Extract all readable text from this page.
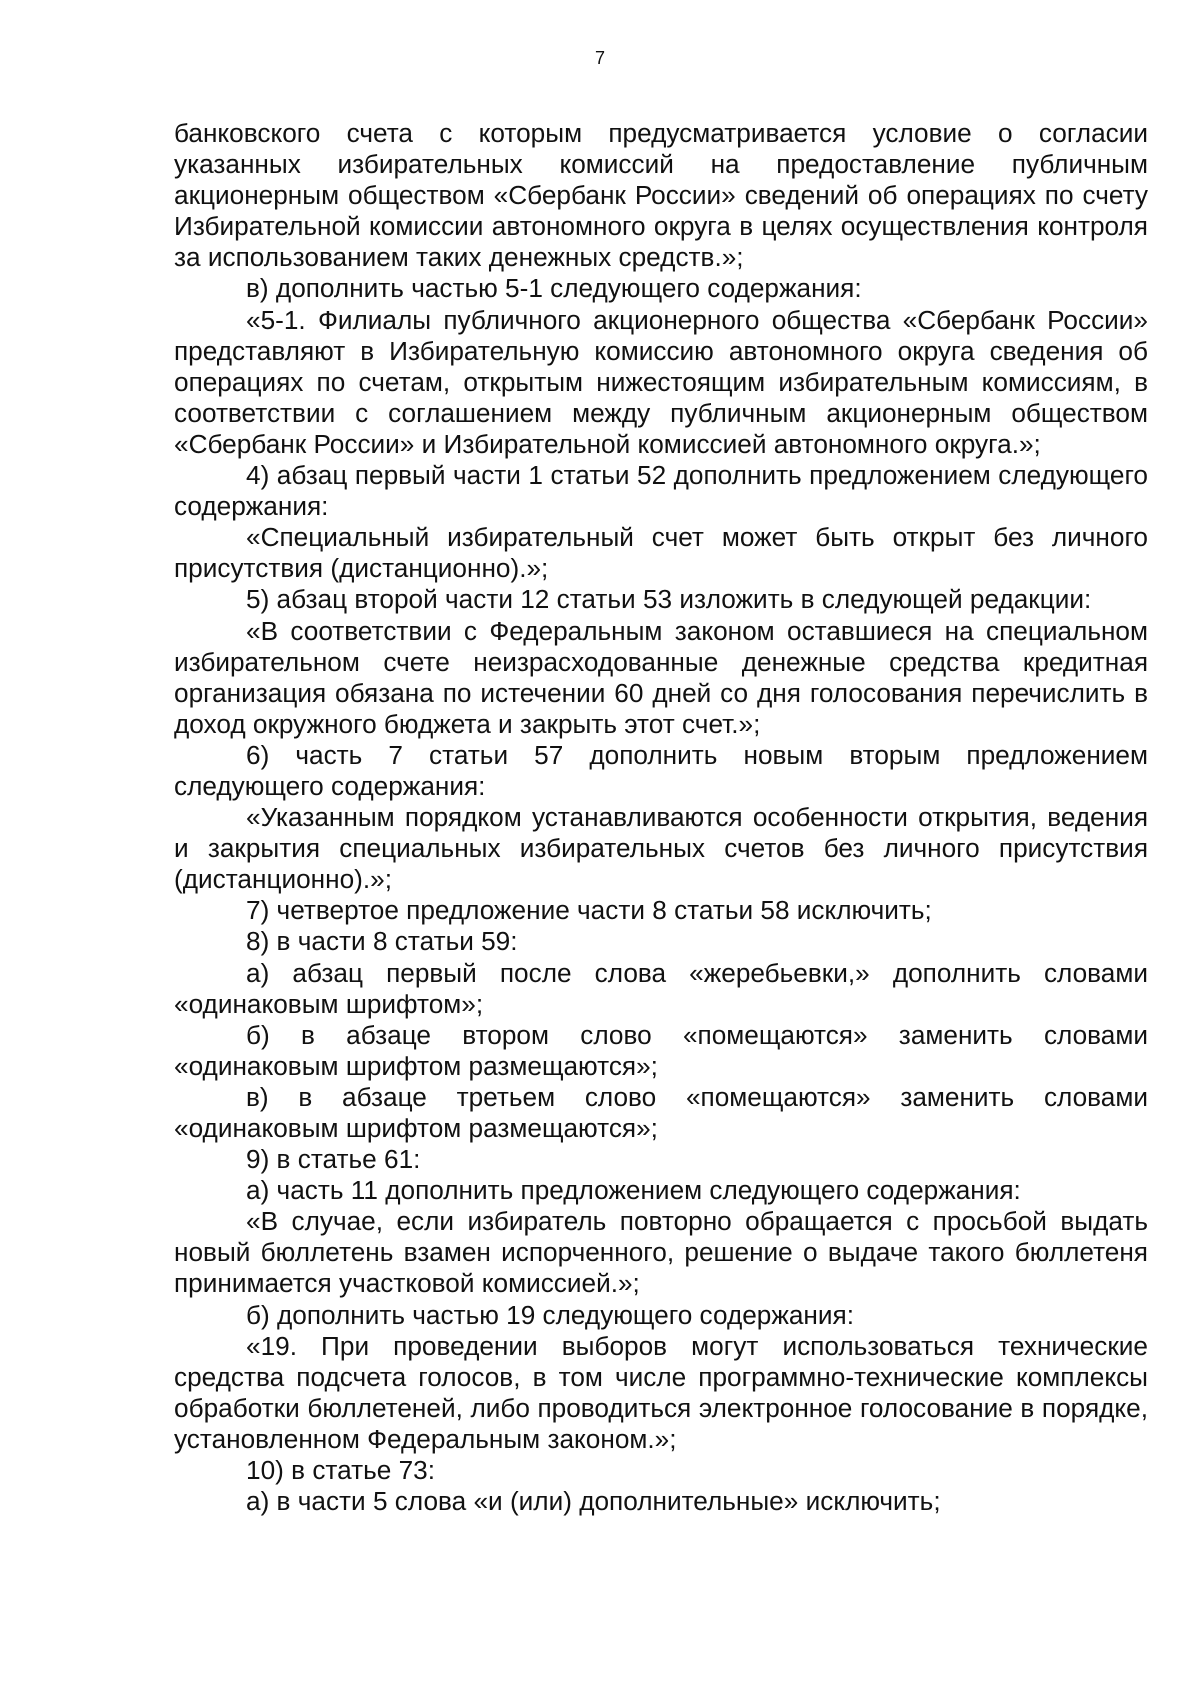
7

банковского счета с которым предусматривается условие о согласии указанных избирательных комиссий на предоставление публичным акционерным обществом «Сбербанк России» сведений об операциях по счету Избирательной комиссии автономного округа в целях осуществления контроля за использованием таких денежных средств.»;

в) дополнить частью 5-1 следующего содержания:

«5-1. Филиалы публичного акционерного общества «Сбербанк России» представляют в Избирательную комиссию автономного округа сведения об операциях по счетам, открытым нижестоящим избирательным комиссиям, в соответствии с соглашением между публичным акционерным обществом «Сбербанк России» и Избирательной комиссией автономного округа.»;

4) абзац первый части 1 статьи 52 дополнить предложением следующего содержания:

«Специальный избирательный счет может быть открыт без личного присутствия (дистанционно).»;

5) абзац второй части 12 статьи 53 изложить в следующей редакции:

«В соответствии с Федеральным законом оставшиеся на специальном избирательном счете неизрасходованные денежные средства кредитная организация обязана по истечении 60 дней со дня голосования перечислить в доход окружного бюджета и закрыть этот счет.»;

6) часть 7 статьи 57 дополнить новым вторым предложением следующего содержания:

«Указанным порядком устанавливаются особенности открытия, ведения и закрытия специальных избирательных счетов без личного присутствия (дистанционно).»;

7) четвертое предложение части 8 статьи 58 исключить;

8) в части 8 статьи 59:

а) абзац первый после слова «жеребьевки,» дополнить словами «одинаковым шрифтом»;

б) в абзаце втором слово «помещаются» заменить словами «одинаковым шрифтом размещаются»;

в) в абзаце третьем слово «помещаются» заменить словами «одинаковым шрифтом размещаются»;

9) в статье 61:

а) часть 11 дополнить предложением следующего содержания:

«В случае, если избиратель повторно обращается с просьбой выдать новый бюллетень взамен испорченного, решение о выдаче такого бюллетеня принимается участковой комиссией.»;

б) дополнить частью 19 следующего содержания:

«19. При проведении выборов могут использоваться технические средства подсчета голосов, в том числе программно-технические комплексы обработки бюллетеней, либо проводиться электронное голосование в порядке, установленном Федеральным законом.»;

10) в статье 73:

а) в части 5 слова «и (или) дополнительные» исключить;
